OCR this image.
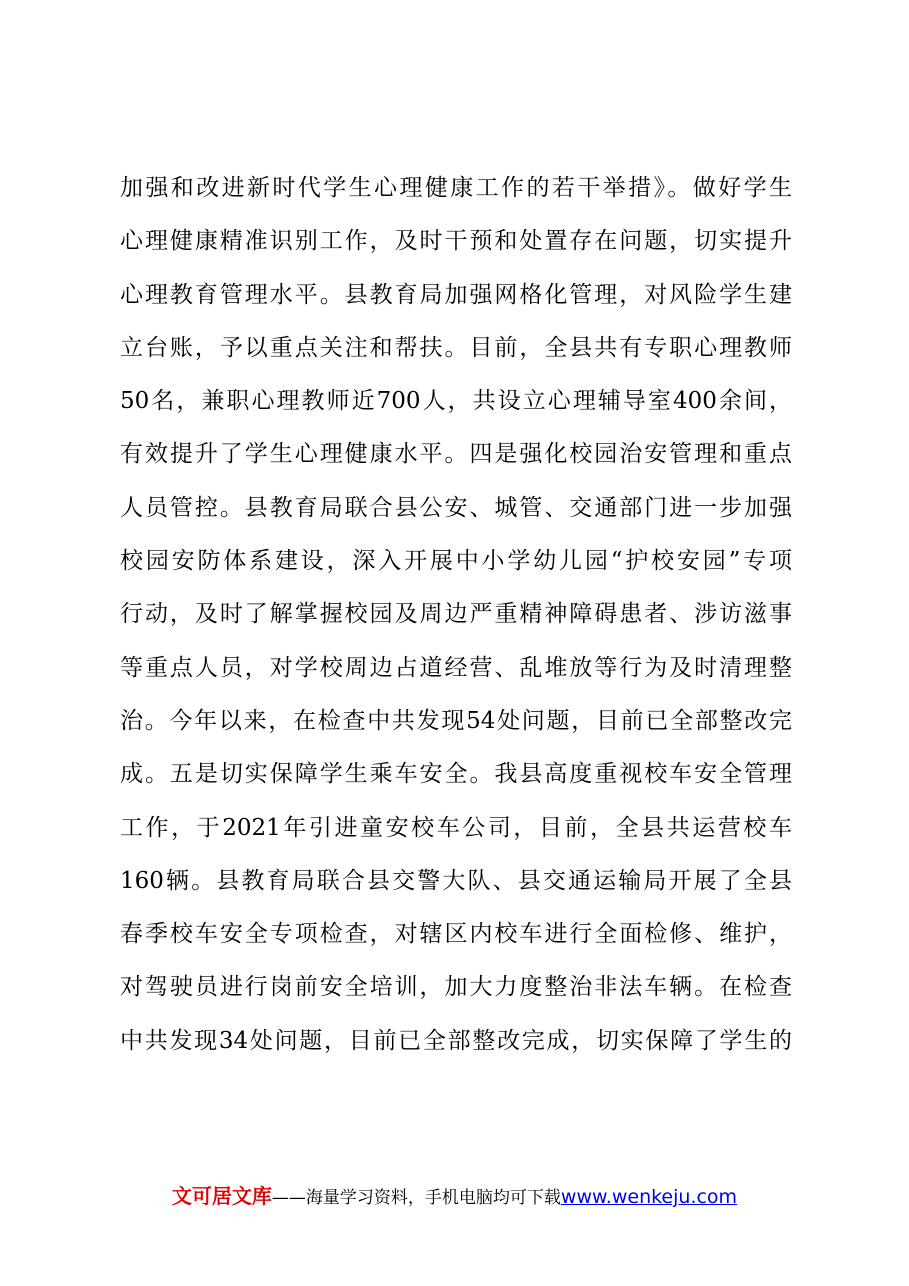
加强和改进新时代学生心理健康工作的若干举措》。做好学生
心理健康精准识别工作，及时干预和处置存在问题，切实提升
心理教育管理水平。县教育局加强网格化管理，对风险学生建
立台账，予以重点关注和帮扶。目前，全县共有专职心理教师
50名，兼职心理教师近700人，共设立心理辅导室400余间，
有效提升了学生心理健康水平。四是强化校园治安管理和重点
人员管控。县教育局联合县公安、城管、交通部门进一步加强
校园安防体系建设，深入开展中小学幼儿园“护校安园”专项
行动，及时了解掌握校园及周边严重精神障碍患者、涉访滋事
等重点人员，对学校周边占道经营、乱堆放等行为及时清理整
治。今年以来，在检查中共发现54处问题，目前已全部整改完
成。五是切实保障学生乘车安全。我县高度重视校车安全管理
工作，于2021年引进童安校车公司，目前，全县共运营校车
160辆。县教育局联合县交警大队、县交通运输局开展了全县
春季校车安全专项检查，对辖区内校车进行全面检修、维护，
对驾驶员进行岗前安全培训，加大力度整治非法车辆。在检查
中共发现34处问题，目前已全部整改完成，切实保障了学生的
文可居文库——海量学习资料，手机电脑均可下载www.wenkeju.com
